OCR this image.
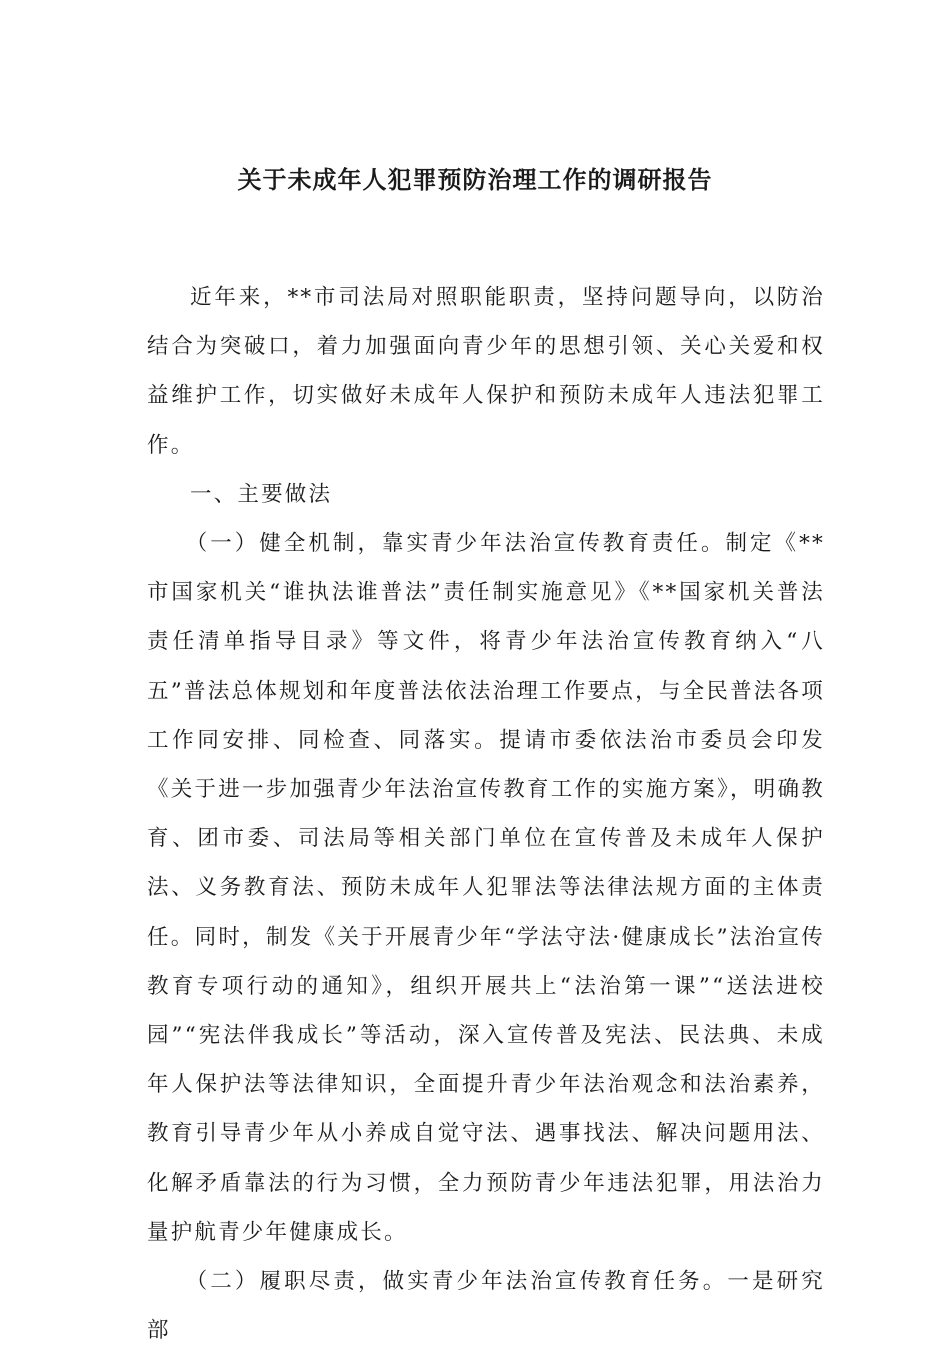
关于未成年人犯罪预防治理工作的调研报告

近年来，**市司法局对照职能职责，坚持问题导向，以防治结合为突破口，着力加强面向青少年的思想引领、关心关爱和权益维护工作，切实做好未成年人保护和预防未成年人违法犯罪工作。

一、主要做法

（一）健全机制，靠实青少年法治宣传教育责任。制定《**市国家机关“谁执法谁普法”责任制实施意见》《**国家机关普法责任清单指导目录》等文件，将青少年法治宣传教育纳入“八五”普法总体规划和年度普法依法治理工作要点，与全民普法各项工作同安排、同检查、同落实。提请市委依法治市委员会印发《关于进一步加强青少年法治宣传教育工作的实施方案》，明确教育、团市委、司法局等相关部门单位在宣传普及未成年人保护法、义务教育法、预防未成年人犯罪法等法律法规方面的主体责任。同时，制发《关于开展青少年“学法守法·健康成长”法治宣传教育专项行动的通知》，组织开展共上“法治第一课”“送法进校园”“宪法伴我成长”等活动，深入宣传普及宪法、民法典、未成年人保护法等法律知识，全面提升青少年法治观念和法治素养，教育引导青少年从小养成自觉守法、遇事找法、解决问题用法、化解矛盾靠法的行为习惯，全力预防青少年违法犯罪，用法治力量护航青少年健康成长。

（二）履职尽责，做实青少年法治宣传教育任务。一是研究部
